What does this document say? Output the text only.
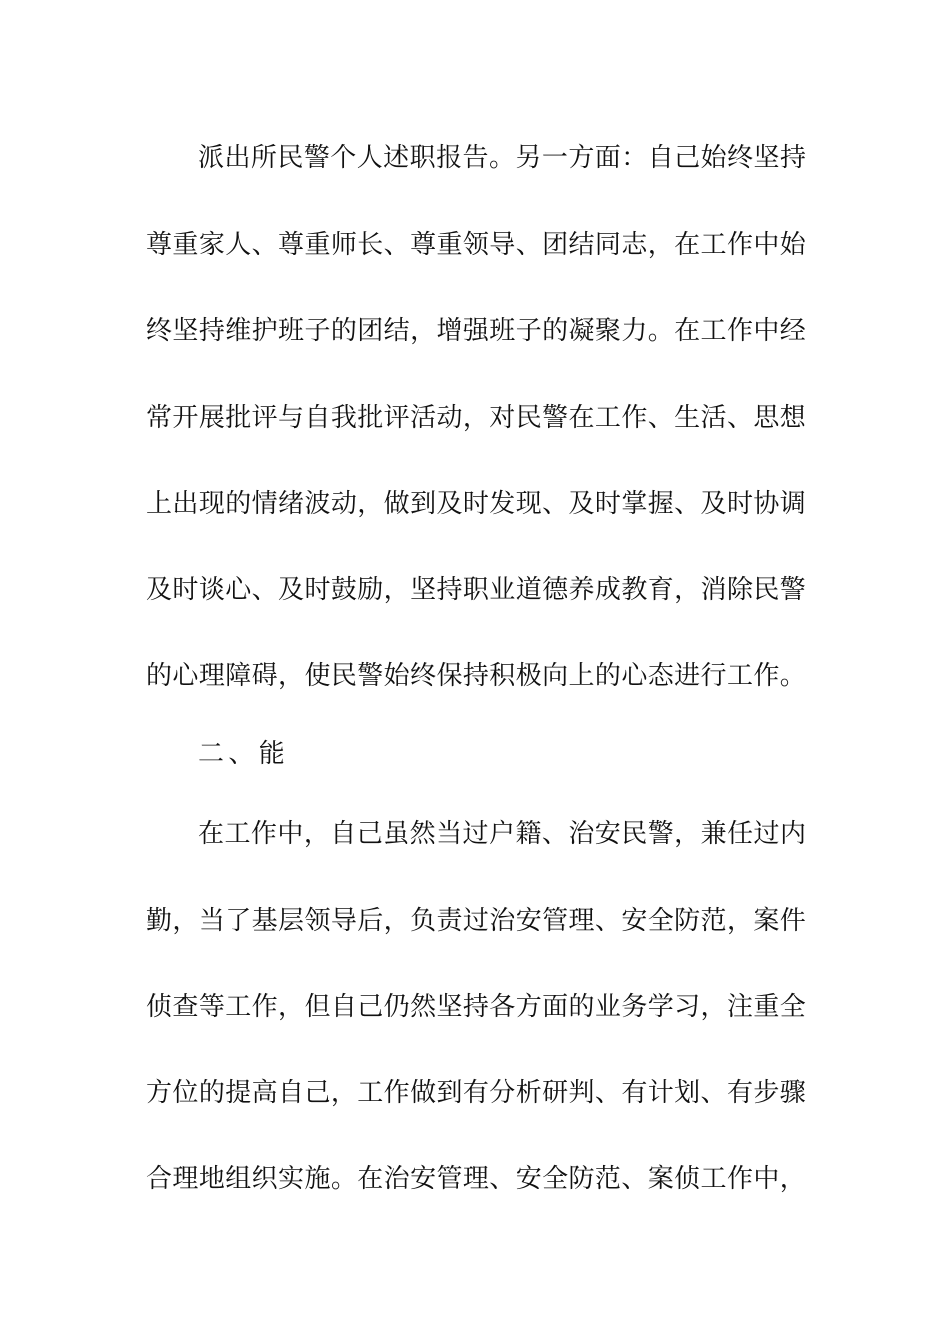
派 出 所 民 警 个 人 述 职 报 告 。 另 一 方 面 ： 自 己 始 终 坚 持
尊 重 家 人 、 尊 重 师 长 、 尊 重 领 导 、 团 结 同 志 ， 在 工 作 中 始
终 坚 持 维 护 班 子 的 团 结 ， 增 强 班 子 的 凝 聚 力 。 在 工 作 中 经
常 开 展 批 评 与 自 我 批 评 活 动 ， 对 民 警 在 工 作 、 生 活 、 思 想
上 出 现 的 情 绪 波 动 ， 做 到 及 时 发 现 、 及 时 掌 握 、 及 时 协 调
及 时 谈 心 、 及 时 鼓 励 ， 坚 持 职 业 道 德 养 成 教 育 ， 消 除 民 警
的 心 理 障 碍 ， 使 民 警 始 终 保 持 积 极 向 上 的 心 态 进 行 工 作 。
二、能
在 工 作 中 ， 自 己 虽 然 当 过 户 籍 、 治 安 民 警 ， 兼 任 过 内
勤 ， 当 了 基 层 领 导 后 ， 负 责 过 治 安 管 理 、 安 全 防 范 ， 案 件
侦 查 等 工 作 ， 但 自 己 仍 然 坚 持 各 方 面 的 业 务 学 习 ， 注 重 全
方 位 的 提 高 自 己 ， 工 作 做 到 有 分 析 研 判 、 有 计 划 、 有 步 骤
合 理 地 组 织 实 施 。 在 治 安 管 理 、 安 全 防 范 、 案 侦 工 作 中 ，
